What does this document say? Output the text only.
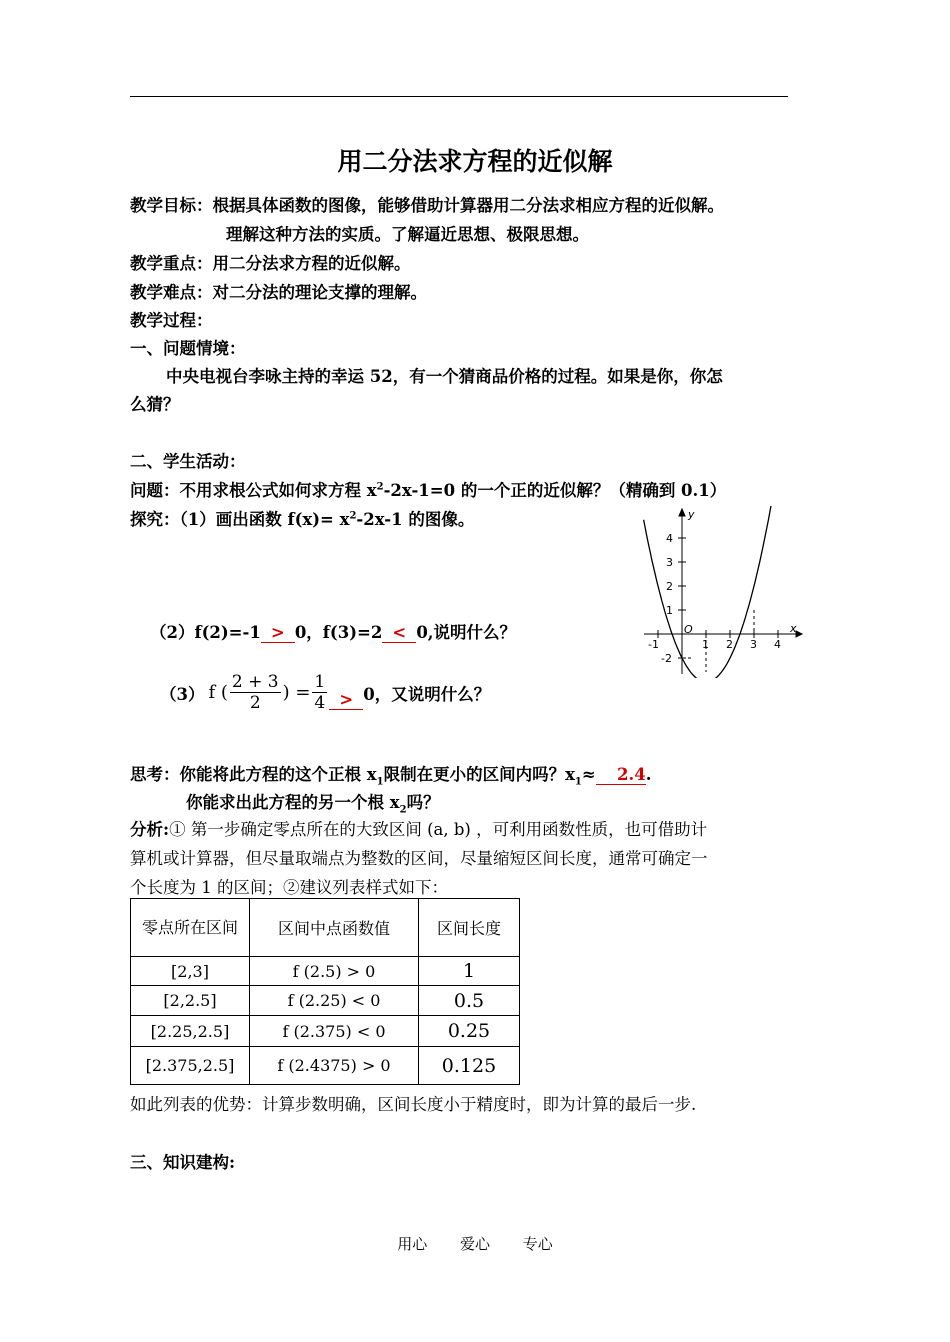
用二分法求方程的近似解
教学目标：根据具体函数的图像，能够借助计算器用二分法求相应方程的近似解。
理解这种方法的实质。了解逼近思想、极限思想。
教学重点：用二分法求方程的近似解。
教学难点：对二分法的理论支撑的理解。
教学过程：
一、问题情境：
中央电视台李咏主持的幸运 52，有一个猜商品价格的过程。如果是你，你怎
么猜？
二、学生活动：
问题：不用求根公式如何求方程 $x^2-2x-1=0$ 的一个正的近似解？（精确到 0.1）
探究：（1）画出函数 $f(x)= x^2-2x-1$ 的图像。
（2）f(2)=-1 > 0，f(3)=2 < 0,说明什么？
（3） f ( $\frac{2 + 3}{2}$ ) = $\frac{1}{4} > 0$，又说明什么？
思考：你能将此方程的这个正根 $x_1$限制在更小的区间内吗？$x_1\approx 2.4$.
你能求出此方程的另一个根 $x_2$吗？
分析:① 第一步确定零点所在的大致区间 (a, b) ，可利用函数性质，也可借助计
算机或计算器，但尽量取端点为整数的区间，尽量缩短区间长度，通常可确定一
个长度为 1 的区间；②建议列表样式如下：
零点所在区间	区间中点函数值	区间长度
[2,3]	f (2.5) > 0	1
[2,2.5]	f (2.25) < 0	0.5
[2.25,2.5]	f (2.375) < 0	0.25
[2.375,2.5]	f (2.4375) > 0	0.125
如此列表的优势：计算步数明确，区间长度小于精度时，即为计算的最后一步.
三、知识建构:
x
y
O
-1	1 2 3 4
4
3
2
1
-2
用心 爱心 专心
